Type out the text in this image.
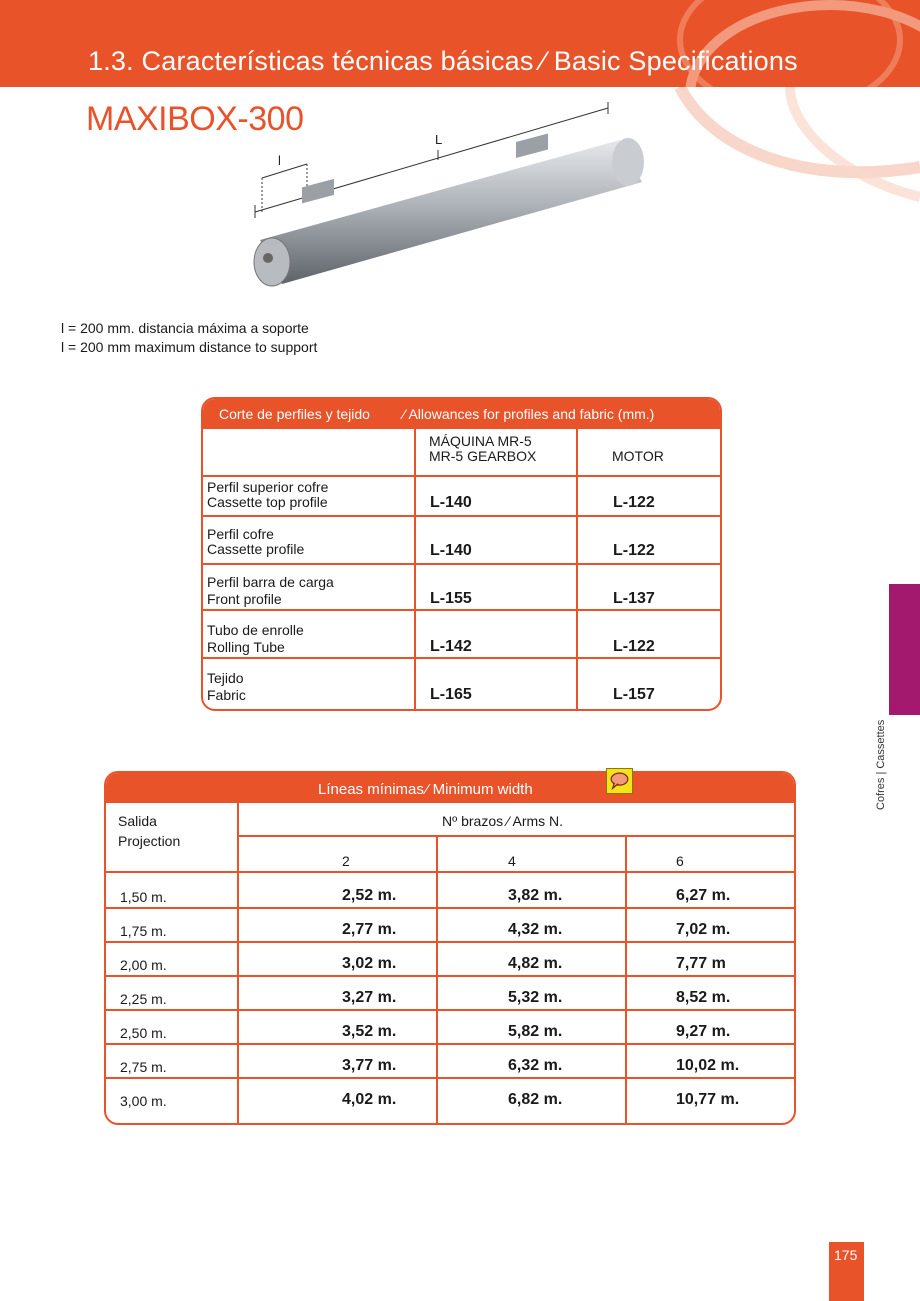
1.3. Características técnicas básicas ⁄ Basic Specifications
MAXIBOX-300
L
l
l = 200 mm. distancia máxima a soporte
l = 200 mm maximum distance to support
Corte de perfiles y tejido ⁄ Allowances for profiles and fabric (mm.)
MÁQUINA MR-5
MR-5 GEARBOX	MOTOR
Perfil superior cofre
Cassette top profile	L-140	L-122
Perfil cofre
Cassette profile	L-140	L-122
Perfil barra de carga
Front profile	L-155	L-137
Tubo de enrolle
Rolling Tube	L-142	L-122
Tejido
Fabric	L-165	L-157
Líneas mínimas ⁄ Minimum width
Salida
Projection
Nº brazos ⁄ Arms N.
2	4	6
1,50 m.	2,52 m.	3,82 m.	6,27 m.
1,75 m.	2,77 m.	4,32 m.	7,02 m.
2,00 m.	3,02 m.	4,82 m.	7,77 m
2,25 m.	3,27 m.	5,32 m.	8,52 m.
2,50 m.	3,52 m.	5,82 m.	9,27 m.
2,75 m.	3,77 m.	6,32 m.	10,02 m.
3,00 m.	4,02 m.	6,82 m.	10,77 m.
Cofres | Cassettes
175
